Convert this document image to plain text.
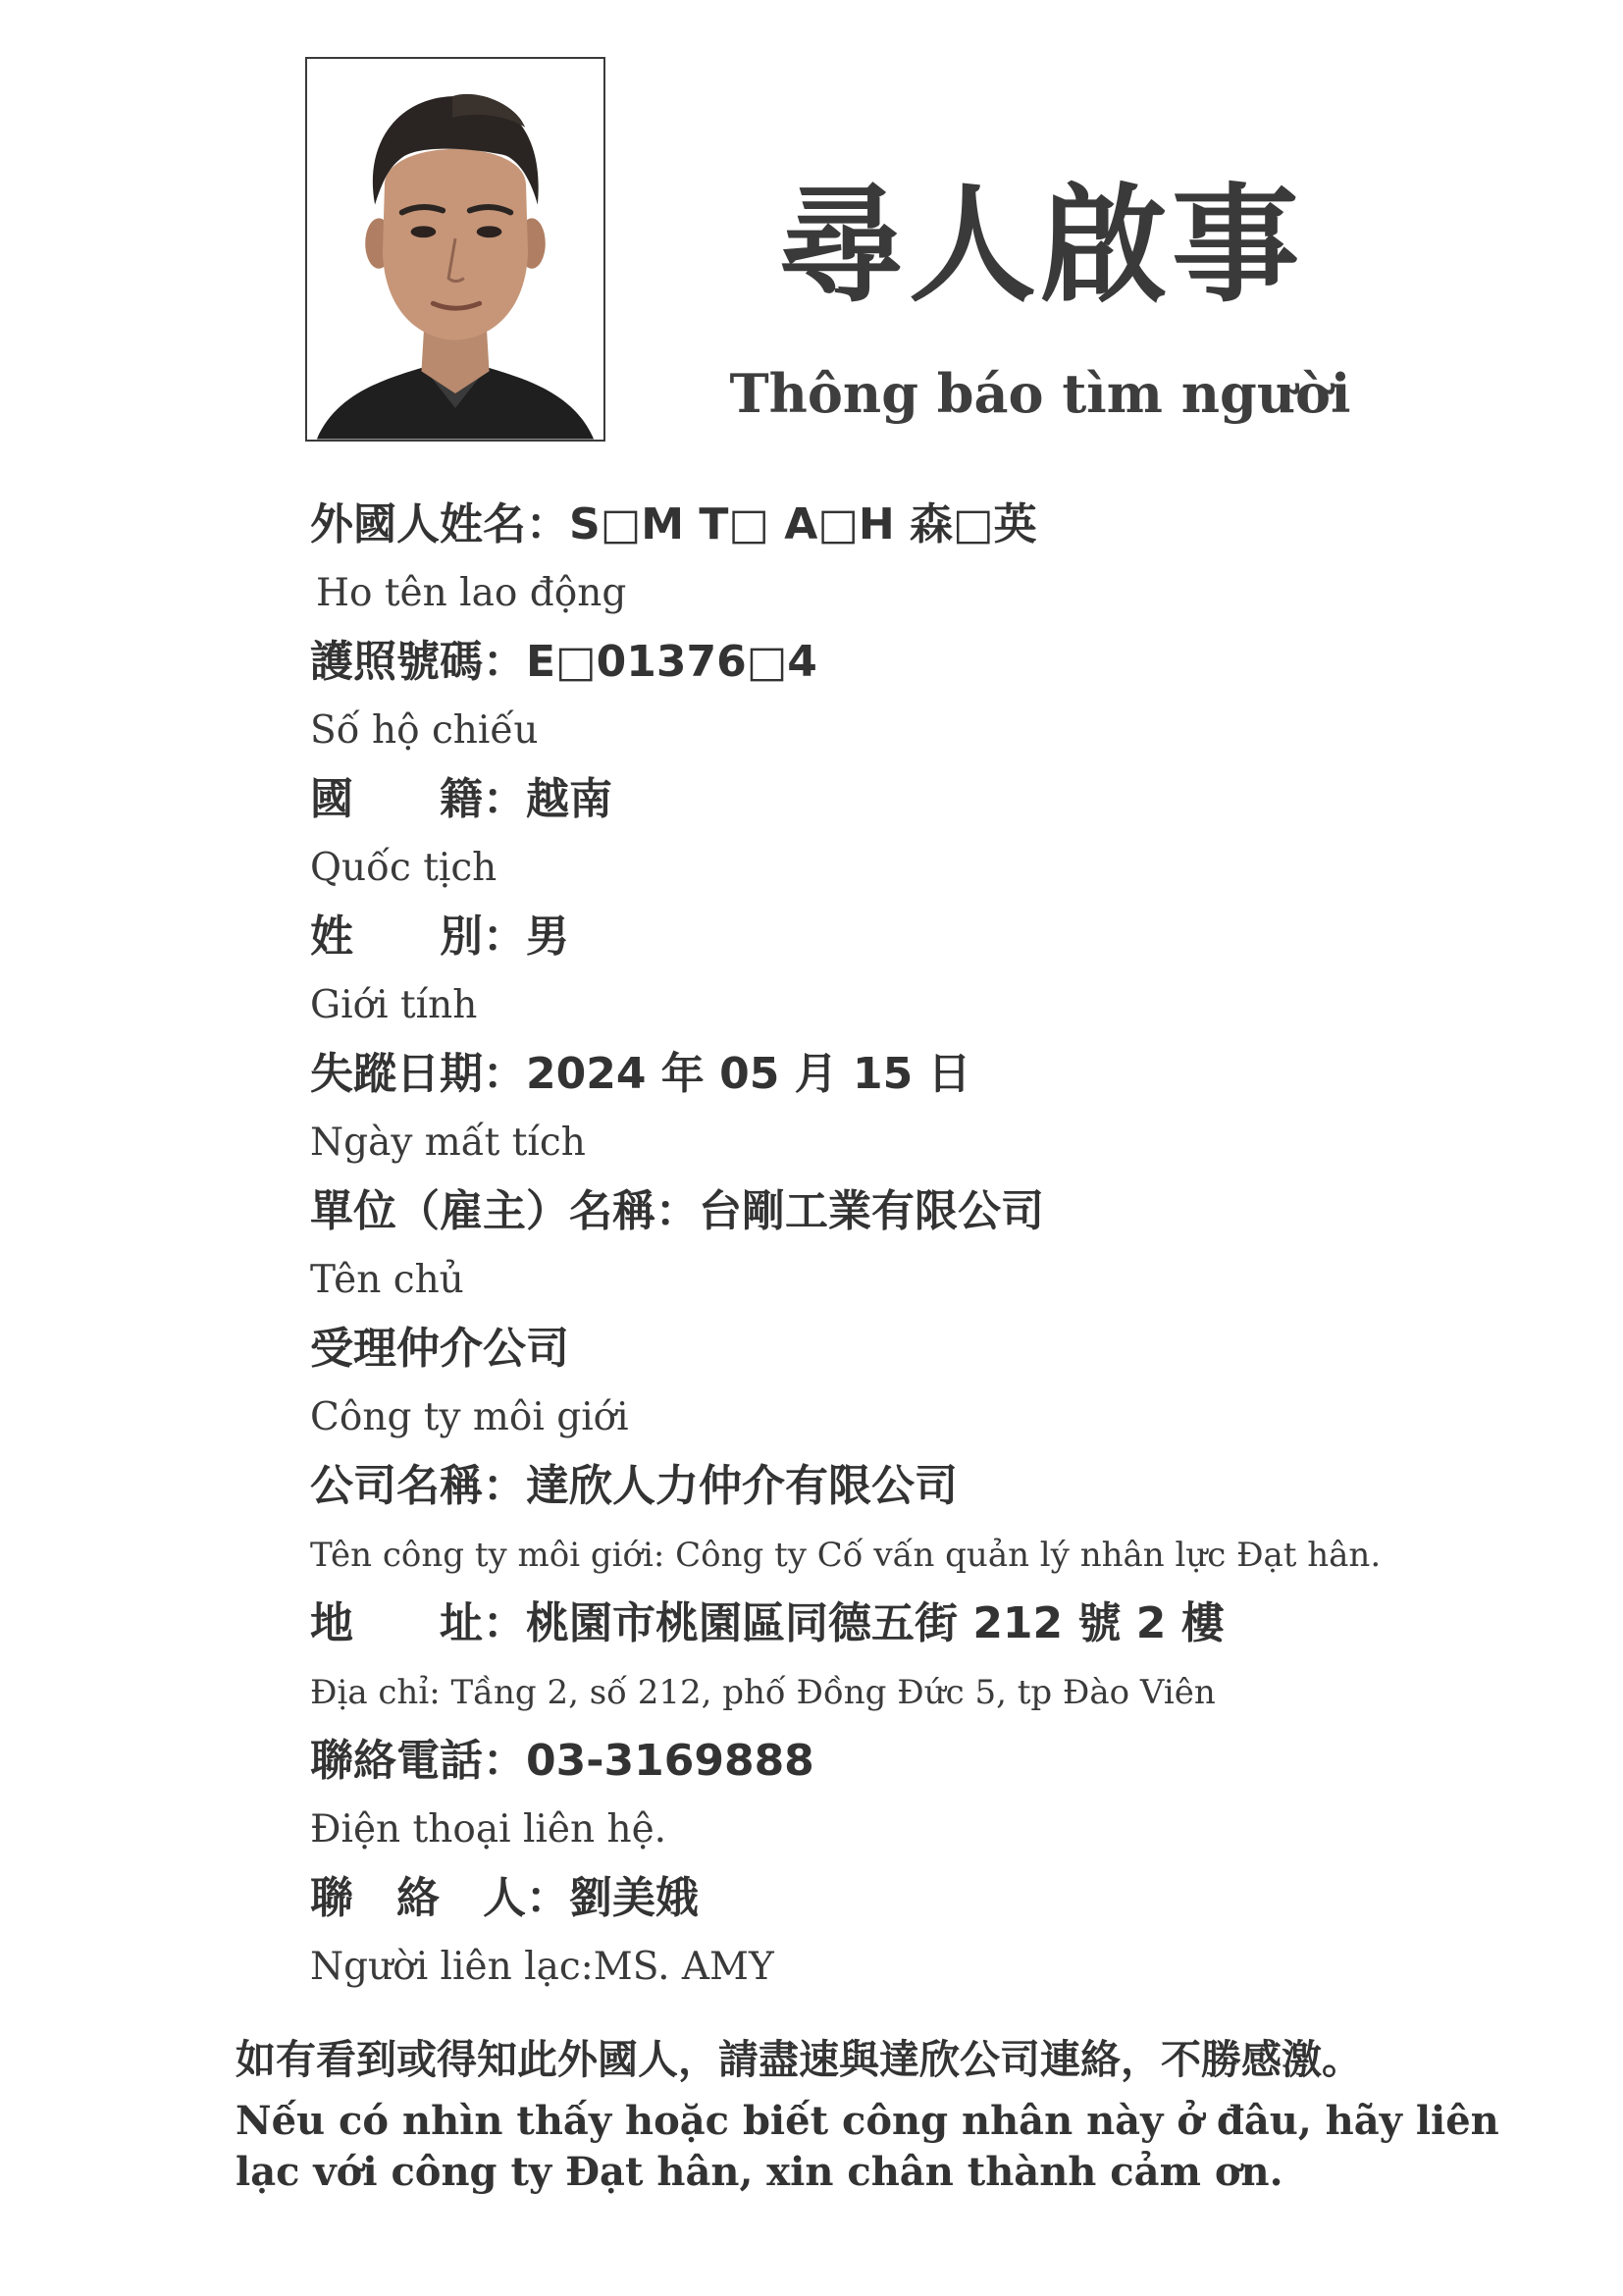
尋人啟事
Thông báo tìm người
外國人姓名：S□M T□ A□H 森□英
Ho tên lao động
護照號碼：E□01376□4
Số hộ chiếu
國　　籍：越南
Quốc tịch
姓　　別：男
Giới tính
失蹤日期：2024 年 05 月 15 日
Ngày mất tích
單位（雇主）名稱：台剛工業有限公司
Tên chủ
受理仲介公司
Công ty môi giới
公司名稱：達欣人力仲介有限公司
Tên công ty môi giới: Công ty Cố vấn quản lý nhân lực Đạt hân.
地　　址：桃園市桃園區同德五街 212 號 2 樓
Địa chỉ: Tầng 2, số 212, phố Đồng Đức 5, tp Đào Viên
聯絡電話：03-3169888
Điện thoại liên hệ.
聯　絡　人：劉美娥
Người liên lạc:MS. AMY
如有看到或得知此外國人，請盡速與達欣公司連絡，不勝感激。
Nếu có nhìn thấy hoặc biết công nhân này ở đâu, hãy liên lạc với công ty Đạt hân, xin chân thành cảm ơn.
